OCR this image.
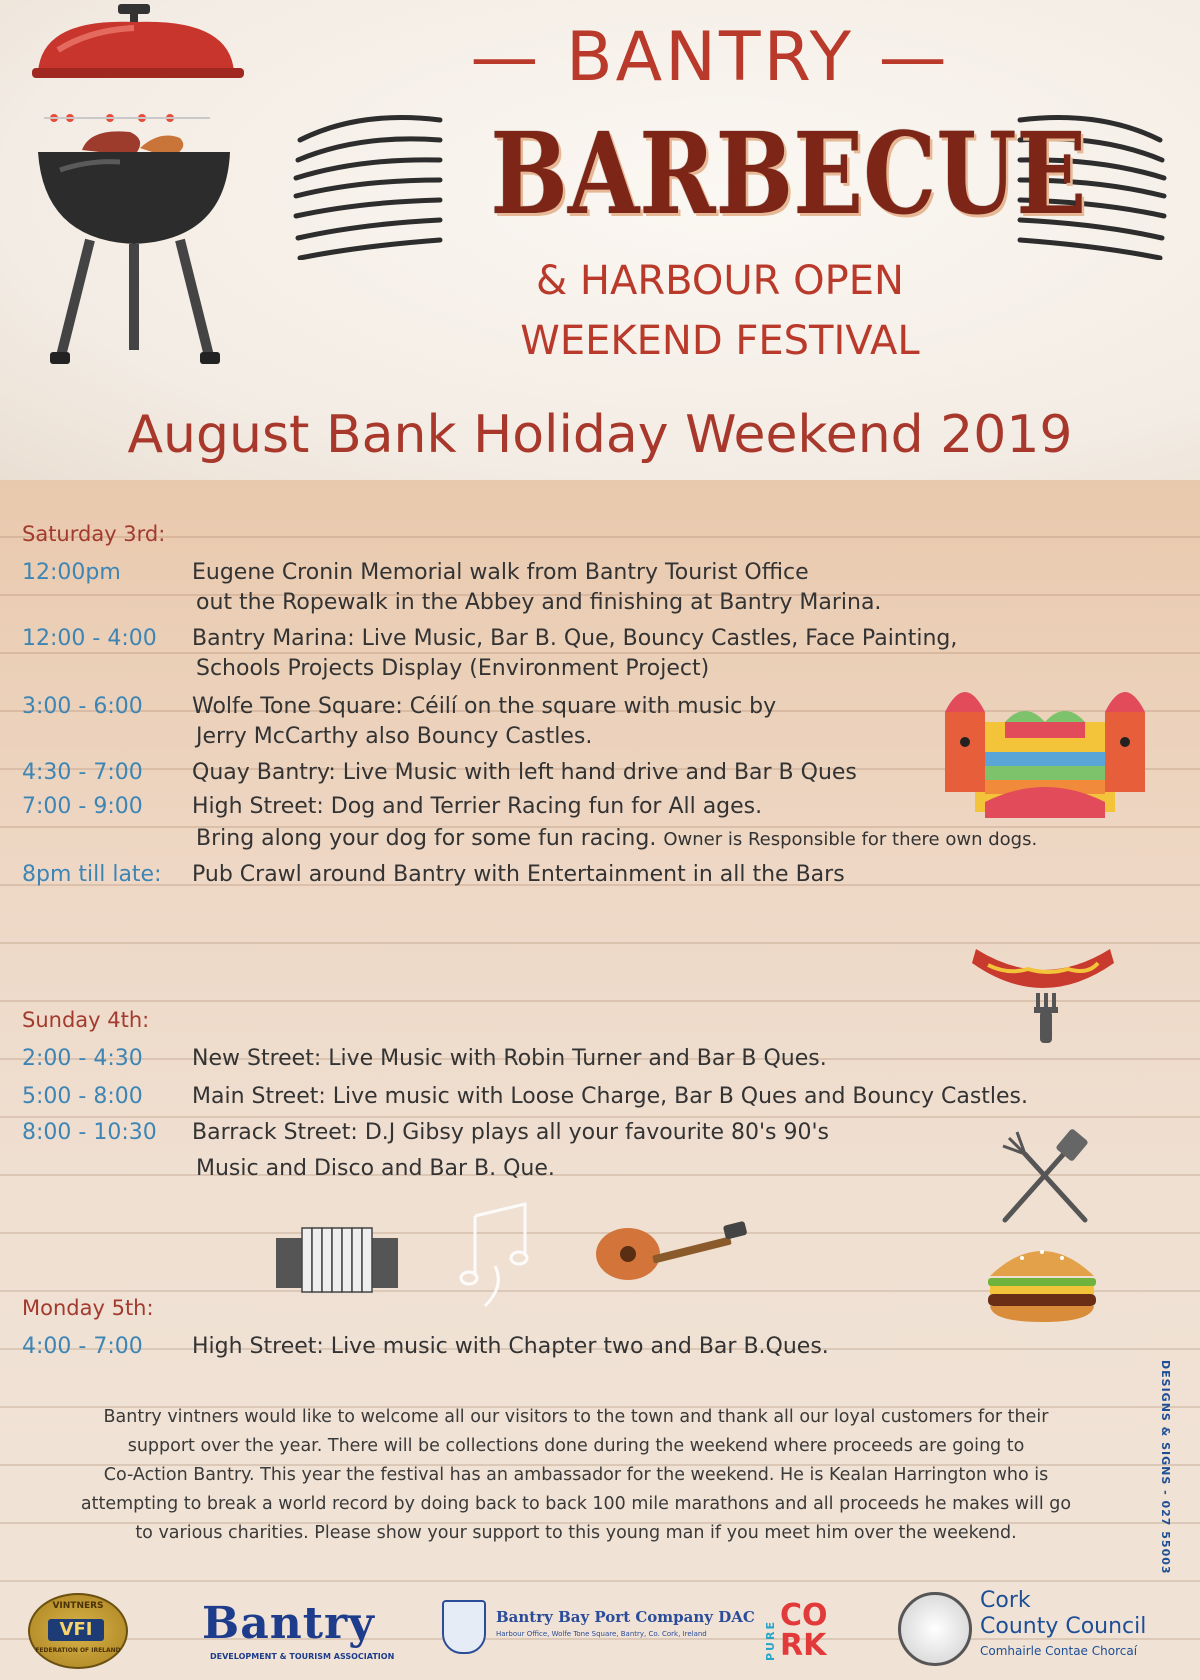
— BANTRY —
BARBECUE
& HARBOUR OPEN
WEEKEND FESTIVAL
August Bank Holiday Weekend 2019
Saturday 3rd:
12:00pm	Eugene Cronin Memorial walk from Bantry Tourist Office
out the Ropewalk in the Abbey and finishing at Bantry Marina.
12:00 - 4:00 Bantry Marina: Live Music, Bar B. Que, Bouncy Castles, Face Painting,
Schools Projects Display (Environment Project)
3:00 - 6:00 Wolfe Tone Square: Céilí on the square with music by
Jerry McCarthy also Bouncy Castles.
4:30 - 7:00 Quay Bantry: Live Music with left hand drive and Bar B Ques
7:00 - 9:00 High Street: Dog and Terrier Racing fun for All ages.
Bring along your dog for some fun racing. Owner is Responsible for there own dogs.
8pm till late: Pub Crawl around Bantry with Entertainment in all the Bars
Sunday 4th:
2:00 - 4:30 New Street: Live Music with Robin Turner and Bar B Ques.
5:00 - 8:00 Main Street: Live music with Loose Charge, Bar B Ques and Bouncy Castles.
8:00 - 10:30 Barrack Street: D.J Gibsy plays all your favourite 80's 90's
Music and Disco and Bar B. Que.
Monday 5th:
4:00 - 7:00 High Street: Live music with Chapter two and Bar B.Ques.
Bantry vintners would like to welcome all our visitors to the town and thank all our loyal customers for their
support over the year. There will be collections done during the weekend where proceeds are going to
Co-Action Bantry. This year the festival has an ambassador for the weekend. He is Kealan Harrington who is
attempting to break a world record by doing back to back 100 mile marathons and all proceeds he makes will go
to various charities. Please show your support to this young man if you meet him over the weekend.	DESIGNS & SIGNS - 027 55003
VINTNERS
VFI
FEDERATION OF IRELAND
Bantry
DEVELOPMENT & TOURISM ASSOCIATION
Bantry Bay Port Company DAC
Harbour Office, Wolfe Tone Square, Bantry, Co. Cork, Ireland	PURE
CO
RK
Cork
County Council
Comhairle Contae Chorcaí
